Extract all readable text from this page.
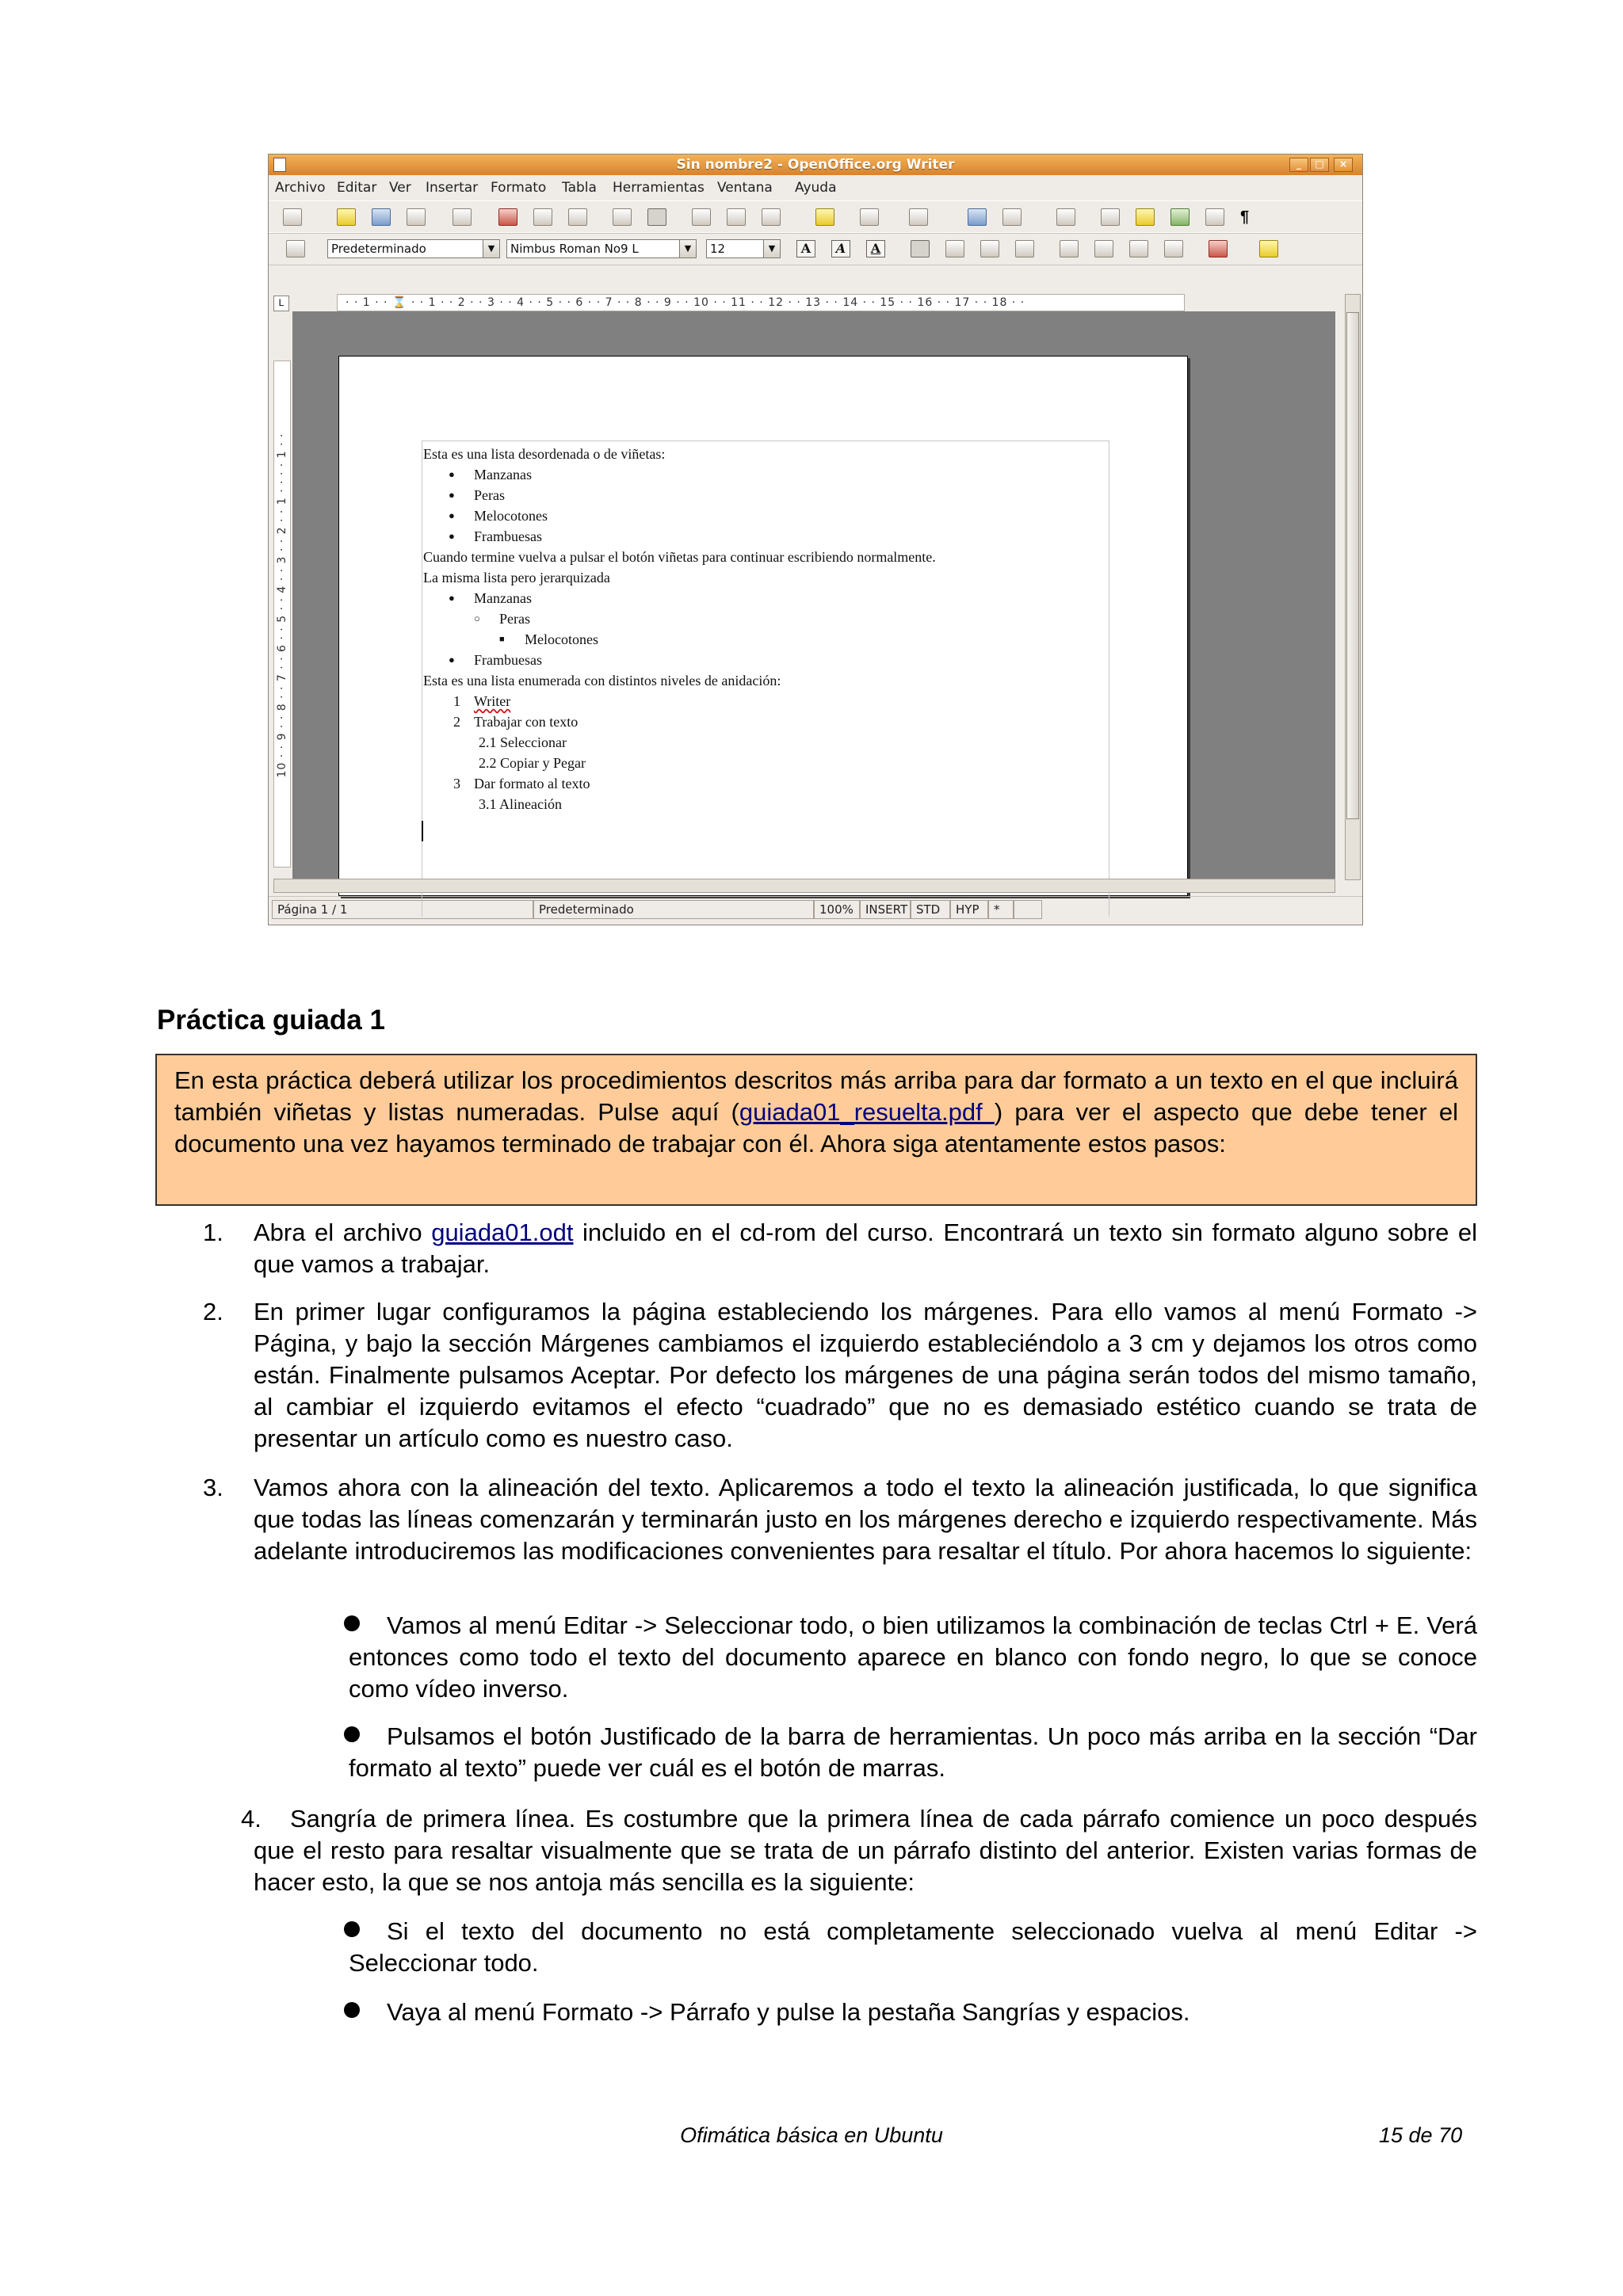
Sin nombre2 - OpenOffice.org Writer	_	□	×
Archivo Editar Ver Insertar Formato Tabla Herramientas Ventana Ayuda
¶
Predeterminado	▼	Nimbus Roman No9 L	▼	12	▼	A	A	A
L	· · 1 · · ⌛ · · 1 · · 2 · · 3 · · 4 · · 5 · · 6 · · 7 · · 8 · · 9 · · 10 · · 11 · · 12 · · 13 · · 14 · · 15 · · 16 · · 17 · · 18 · ·
Esta es una lista desordenada o de viñetas:
● Manzanas
● Peras
● Melocotones
● Frambuesas
Cuando termine vuelva a pulsar el botón viñetas para continuar escribiendo normalmente.
La misma lista pero jerarquizada
● Manzanas
○ Peras
■ Melocotones
● Frambuesas
Esta es una lista enumerada con distintos niveles de anidación:
1 Writer
2 Trabajar con texto
2.1 Seleccionar
2.2 Copiar y Pegar
3 Dar formato al texto
3.1 Alineación
10 · · 9 · · 8 · · 7 · · 6 · · 5 · · 4 · · 3 · · 2 · · 1 · · · · 1 · ·
Página 1 / 1	Predeterminado	100%	INSERT STD	HYP	*
Práctica guiada 1
En esta práctica deberá utilizar los procedimientos descritos más arriba para dar formato a un texto en el que incluirá también viñetas y listas numeradas. Pulse aquí (guiada01_resuelta.pdf ) para ver el aspecto que debe tener el documento una vez hayamos terminado de trabajar con él. Ahora siga atentamente estos pasos:
1. Abra el archivo guiada01.odt incluido en el cd-rom del curso. Encontrará un texto sin formato alguno sobre el que vamos a trabajar.
2. En primer lugar configuramos la página estableciendo los márgenes. Para ello vamos al menú Formato -> Página, y bajo la sección Márgenes cambiamos el izquierdo estableciéndolo a 3 cm y dejamos los otros como están. Finalmente pulsamos Aceptar. Por defecto los márgenes de una página serán todos del mismo tamaño, al cambiar el izquierdo evitamos el efecto “cuadrado” que no es demasiado estético cuando se trata de presentar un artículo como es nuestro caso.
3. Vamos ahora con la alineación del texto. Aplicaremos a todo el texto la alineación justificada, lo que significa que todas las líneas comenzarán y terminarán justo en los márgenes derecho e izquierdo respectivamente. Más adelante introduciremos las modificaciones convenientes para resaltar el título. Por ahora hacemos lo siguiente:
Vamos al menú Editar -> Seleccionar todo, o bien utilizamos la combinación de teclas Ctrl + E. Verá entonces como todo el texto del documento aparece en blanco con fondo negro, lo que se conoce como vídeo inverso.
Pulsamos el botón Justificado de la barra de herramientas. Un poco más arriba en la sección “Dar formato al texto” puede ver cuál es el botón de marras.
4. Sangría de primera línea. Es costumbre que la primera línea de cada párrafo comience un poco después que el resto para resaltar visualmente que se trata de un párrafo distinto del anterior. Existen varias formas de hacer esto, la que se nos antoja más sencilla es la siguiente:
Si el texto del documento no está completamente seleccionado vuelva al menú Editar -> Seleccionar todo.
Vaya al menú Formato -> Párrafo y pulse la pestaña Sangrías y espacios.
Ofimática básica en Ubuntu	15 de 70
